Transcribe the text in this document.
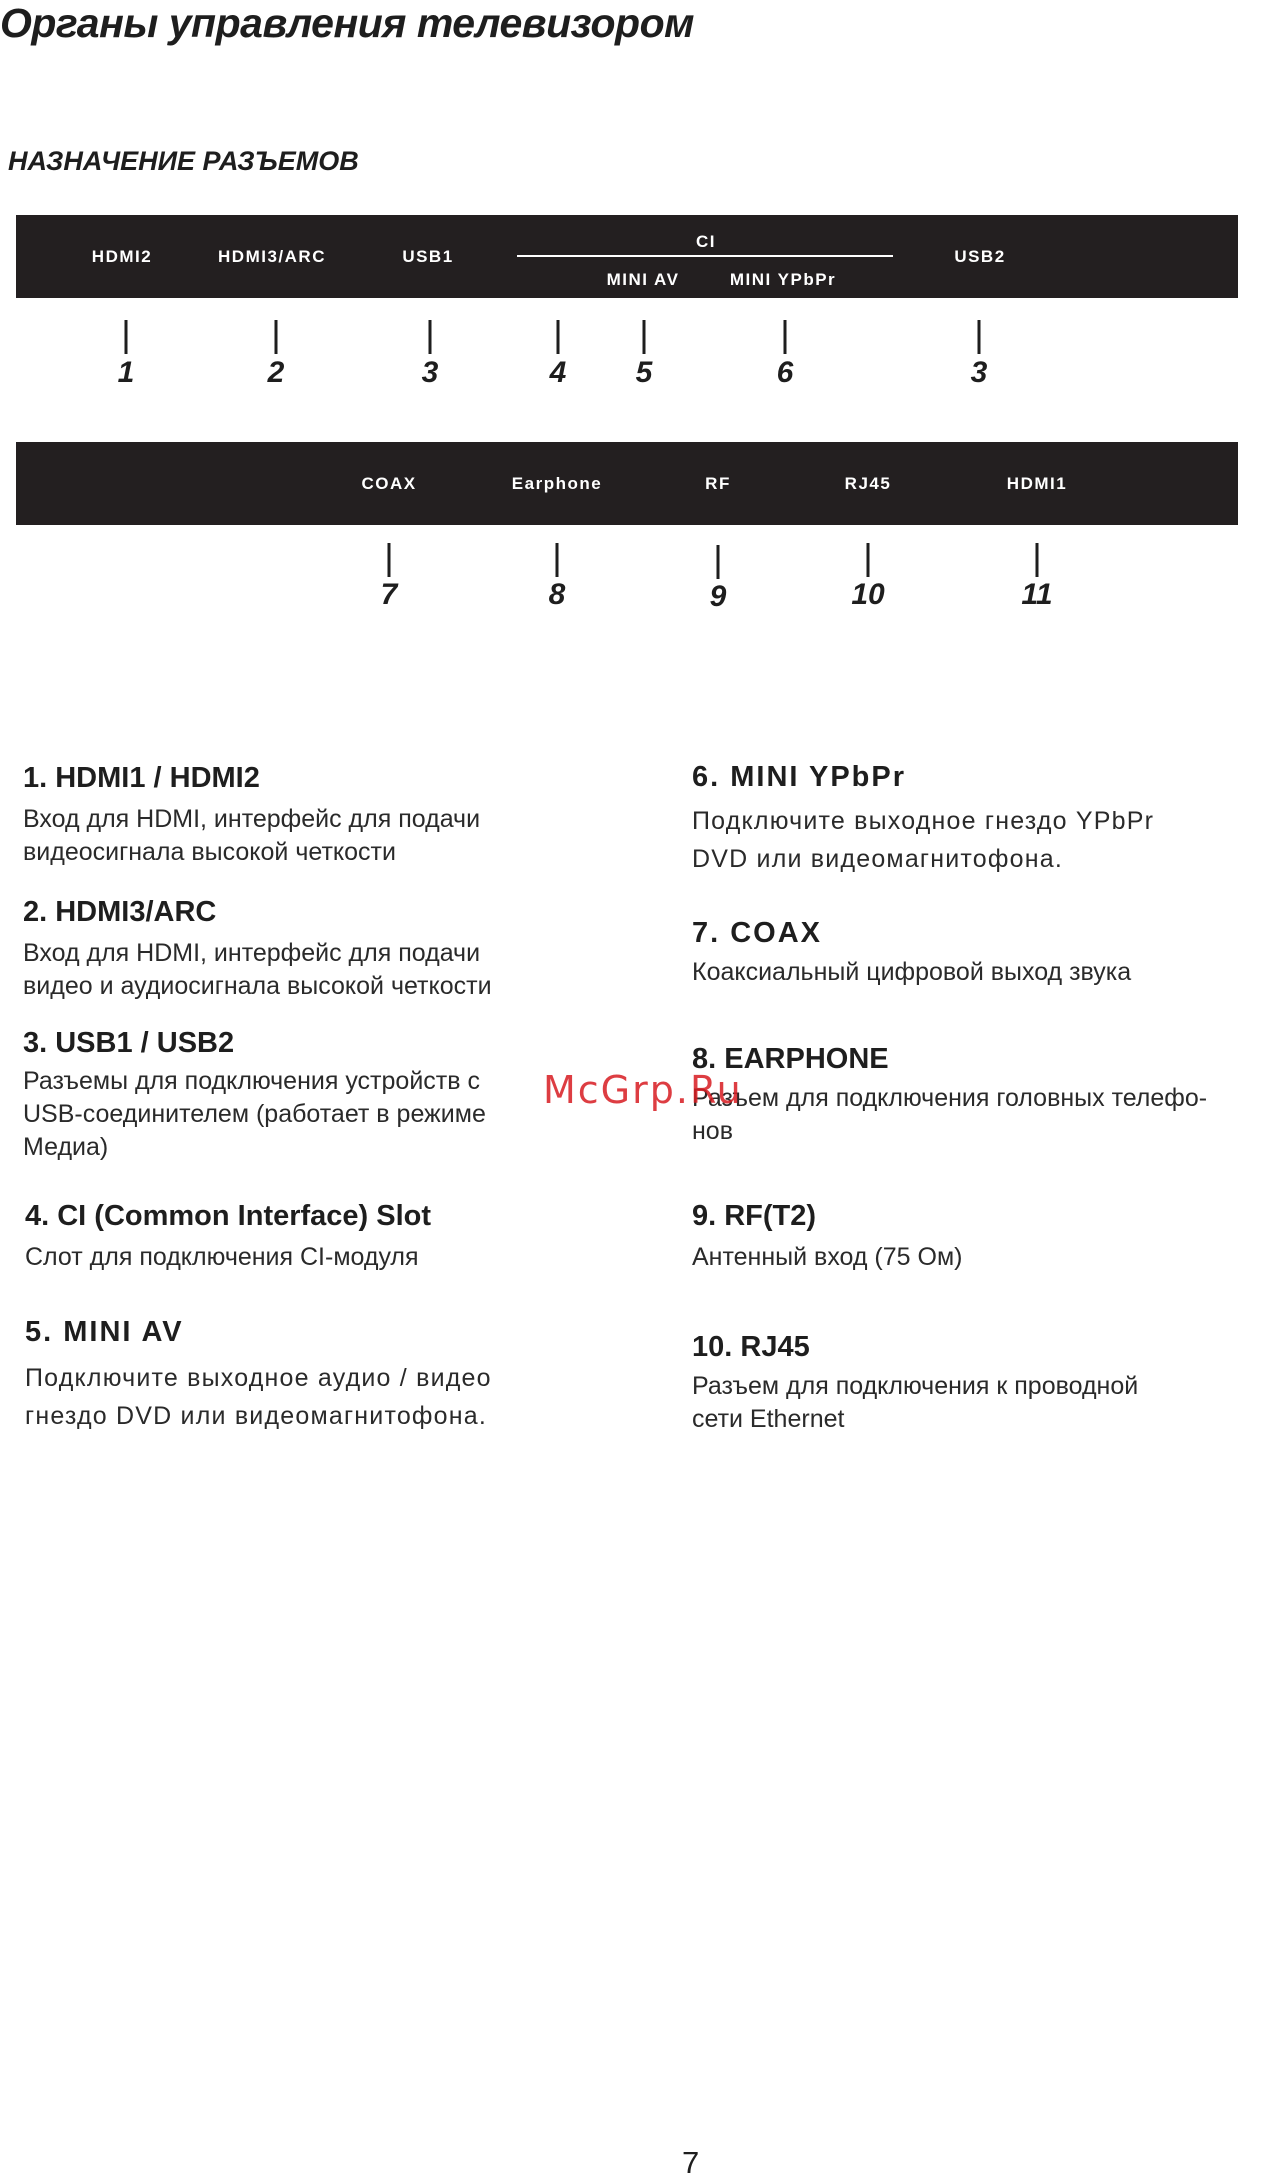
Органы управления телевизором
НАЗНАЧЕНИЕ РАЗЪЕМОВ
HDMI2	HDMI3/ARC	USB1
CI
MINI AV	MINI YPbPr
USB2
1	2	3	4 5	6	3
COAX	Earphone	RF	RJ45	HDMI1
7	8	9	10	11
1. HDMI1 / HDMI2
Вход для HDMI, интерфейс для подачи
видеосигнала высокой четкости
2. HDMI3/ARC
Вход для HDMI, интерфейс для подачи
видео и аудиосигнала высокой четкости
3. USB1 / USB2
Разъемы для подключения устройств с
USB-соединителем (работает в режиме
Медиа)
4. CI (Common Interface) Slot
Слот для подключения CI-модуля
5. MINI AV
Подключите выходное аудио / видео
гнездо DVD или видеомагнитофона.
6. MINI YPbPr
Подключите выходное гнездо YPbPr
DVD или видеомагнитофона.
7. COAX
Коаксиальный цифровой выход звука
8. EARPHONE
Разъем для подключения головных телефо-
нов
9. RF(T2)
Антенный вход (75 Ом)
10. RJ45
Разъем для подключения к проводной
сети Ethernet
McGrp.Ru
7
